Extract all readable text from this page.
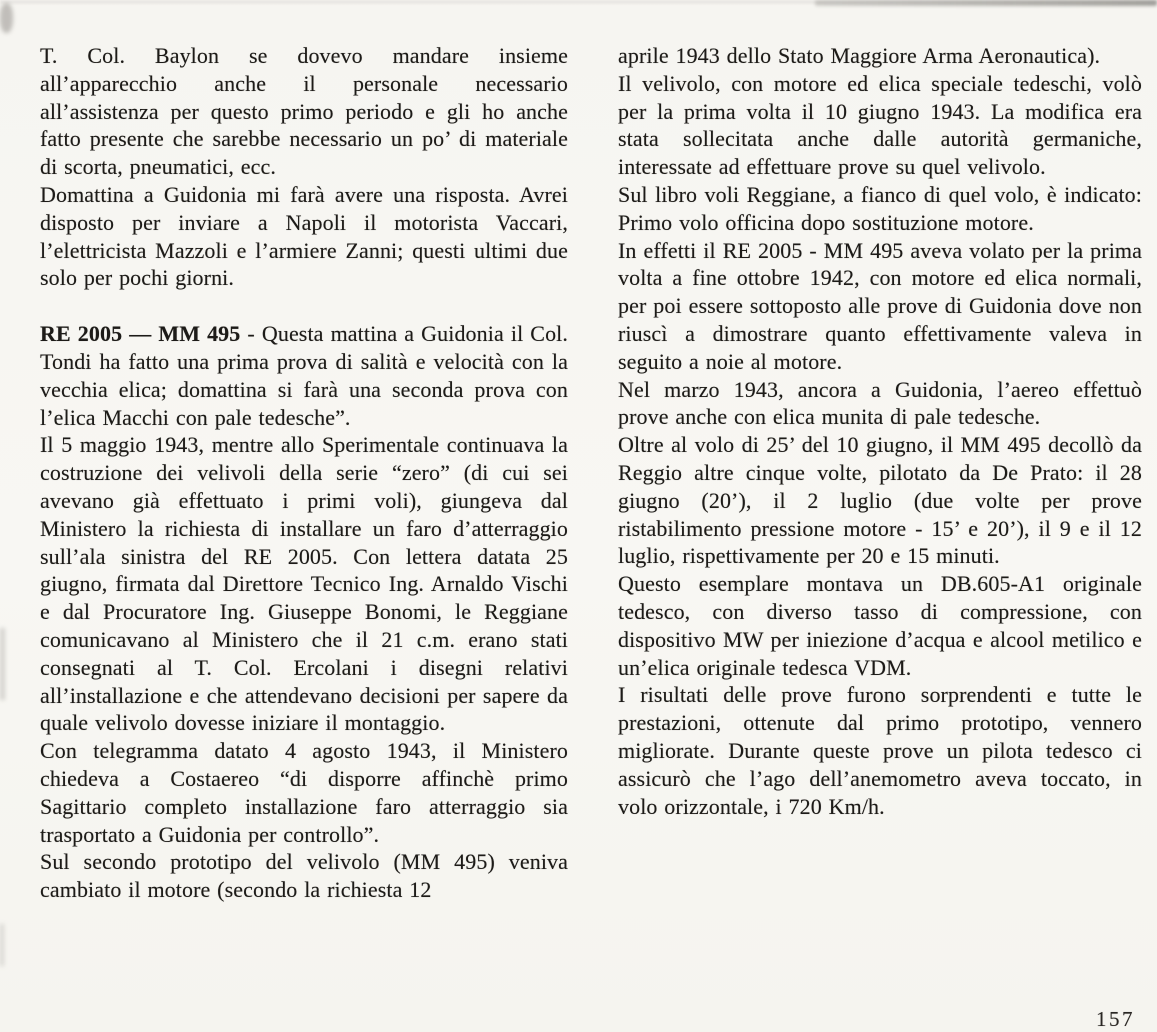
T. Col. Baylon se dovevo mandare insieme all’apparecchio anche il personale necessario all’assistenza per questo primo periodo e gli ho anche fatto presente che sarebbe necessario un po’ di materiale di scorta, pneumatici, ecc.

Domattina a Guidonia mi farà avere una risposta. Avrei disposto per inviare a Napoli il motorista Vaccari, l’elettricista Mazzoli e l’armiere Zanni; questi ultimi due solo per pochi giorni.

RE 2005 — MM 495 - Questa mattina a Guidonia il Col. Tondi ha fatto una prima prova di salità e velocità con la vecchia elica; domattina si farà una seconda prova con l’elica Macchi con pale tedesche”.

Il 5 maggio 1943, mentre allo Sperimentale continuava la costruzione dei velivoli della serie “zero” (di cui sei avevano già effettuato i primi voli), giungeva dal Ministero la richiesta di installare un faro d’atterraggio sull’ala sinistra del RE 2005. Con lettera datata 25 giugno, firmata dal Direttore Tecnico Ing. Arnaldo Vischi e dal Procuratore Ing. Giuseppe Bonomi, le Reggiane comunicavano al Ministero che il 21 c.m. erano stati consegnati al T. Col. Ercolani i disegni relativi all’installazione e che attendevano decisioni per sapere da quale velivolo dovesse iniziare il montaggio.

Con telegramma datato 4 agosto 1943, il Ministero chiedeva a Costaereo “di disporre affinchè primo Sagittario completo installazione faro atterraggio sia trasportato a Guidonia per controllo”.

Sul secondo prototipo del velivolo (MM 495) veniva cambiato il motore (secondo la richiesta 12

aprile 1943 dello Stato Maggiore Arma Aeronautica).

Il velivolo, con motore ed elica speciale tedeschi, volò per la prima volta il 10 giugno 1943. La modifica era stata sollecitata anche dalle autorità germaniche, interessate ad effettuare prove su quel velivolo.

Sul libro voli Reggiane, a fianco di quel volo, è indicato: Primo volo officina dopo sostituzione motore.

In effetti il RE 2005 - MM 495 aveva volato per la prima volta a fine ottobre 1942, con motore ed elica normali, per poi essere sottoposto alle prove di Guidonia dove non riuscì a dimostrare quanto effettivamente valeva in seguito a noie al motore.

Nel marzo 1943, ancora a Guidonia, l’aereo effettuò prove anche con elica munita di pale tedesche.

Oltre al volo di 25’ del 10 giugno, il MM 495 decollò da Reggio altre cinque volte, pilotato da De Prato: il 28 giugno (20’), il 2 luglio (due volte per prove ristabilimento pressione motore - 15’ e 20’), il 9 e il 12 luglio, rispettivamente per 20 e 15 minuti.

Questo esemplare montava un DB.605-A1 originale tedesco, con diverso tasso di compressione, con dispositivo MW per iniezione d’acqua e alcool metilico e un’elica originale tedesca VDM.

I risultati delle prove furono sorprendenti e tutte le prestazioni, ottenute dal primo prototipo, vennero migliorate. Durante queste prove un pilota tedesco ci assicurò che l’ago dell’anemometro aveva toccato, in volo orizzontale, i 720 Km/h.

157
